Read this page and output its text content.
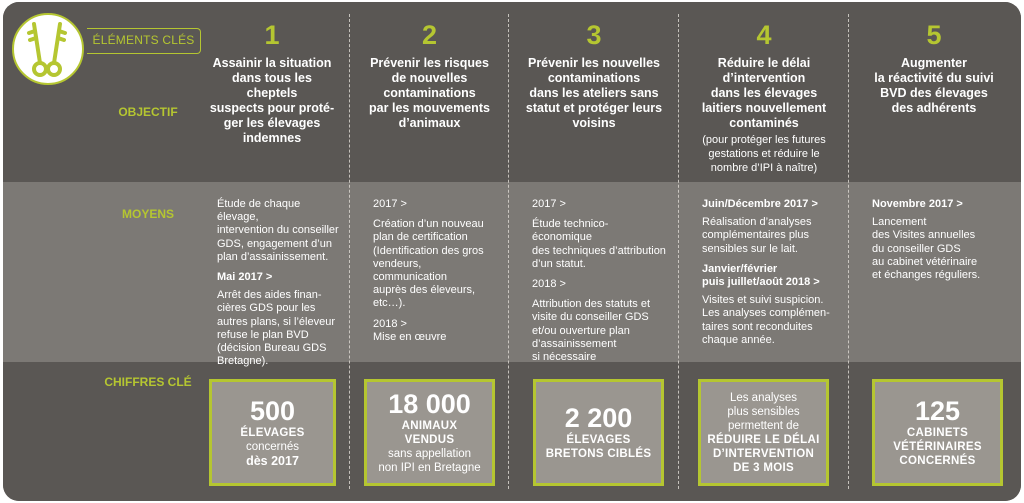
ÉLÉMENTS CLÉS
OBJECTIF
MOYENS
CHIFFRES CLÉ
1
Assainir la situation
dans tous les cheptels
suspects pour proté-
ger les élevages
indemnes

Étude de chaque élevage,
intervention du conseiller
GDS, engagement d’un
plan d’assainissement.

Mai 2017 >

Arrêt des aides finan-
cières GDS pour les
autres plans, si l’éleveur
refuse le plan BVD
(décision Bureau GDS
Bretagne).

500
ÉLEVAGES
concernés
dès 2017
2
Prévenir les risques
de nouvelles
contaminations
par les mouvements
d’animaux

2017 >

Création d’un nouveau
plan de certification
(Identification des gros
vendeurs, communication
auprès des éleveurs,
etc…).

2018 >
Mise en œuvre

18 000
ANIMAUX
VENDUS
sans appellation
non IPI en Bretagne
3
Prévenir les nouvelles
contaminations
dans les ateliers sans
statut et protéger leurs
voisins

2017 >

Étude technico-économique
des techniques d’attribution
d’un statut.

2018 >

Attribution des statuts et
visite du conseiller GDS
et/ou ouverture plan
d’assainissement
si nécessaire

2 200
ÉLEVAGES
BRETONS CIBLÉS
4
Réduire le délai
d’intervention
dans les élevages
laitiers nouvellement
contaminés
(pour protéger les futures
gestations et réduire le
nombre d’IPI à naître)

Juin/Décembre 2017 >

Réalisation d’analyses
complémentaires plus
sensibles sur le lait.

Janvier/février
puis juillet/août 2018 >

Visites et suivi suspicion.
Les analyses complémen-
taires sont reconduites
chaque année.

Les analyses
plus sensibles
permettent de
RÉDUIRE LE DÉLAI
D’INTERVENTION
DE 3 MOIS
5
Augmenter
la réactivité du suivi
BVD des élevages
des adhérents

Novembre 2017 >

Lancement
des Visites annuelles
du conseiller GDS
au cabinet vétérinaire
et échanges réguliers.

125
CABINETS
VÉTÉRINAIRES
CONCERNÉS
